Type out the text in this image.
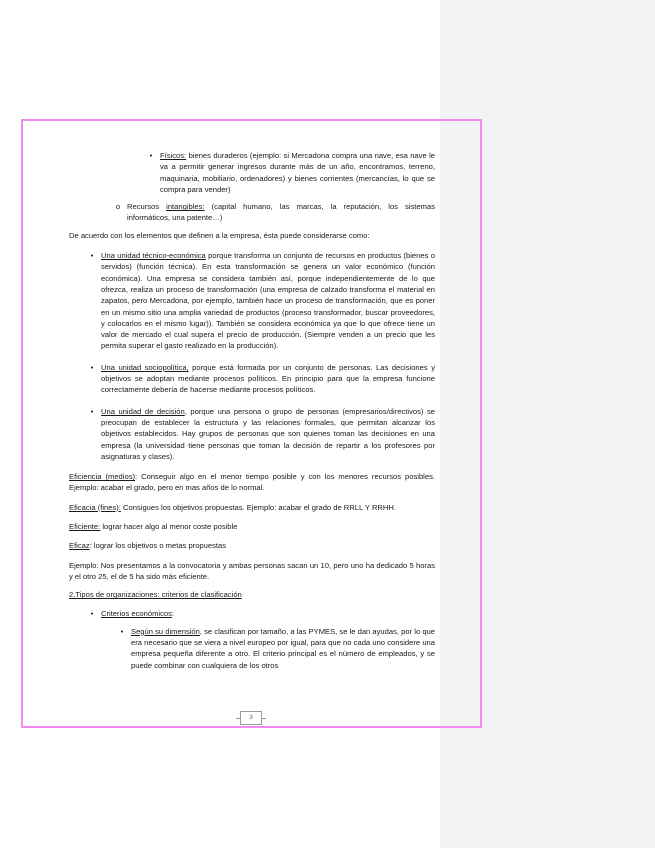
•	Físicos: bienes duraderos (ejemplo: si Mercadona compra una nave, esa nave le va a permitir generar ingresos durante más de un año, encontramos, terreno, maquinaria, mobiliario, ordenadores) y bienes corrientes (mercancías, lo que se compra para vender)

o Recursos intangibles: (capital humano, las marcas, la reputación, los sistemas informáticos, una patente…)

De acuerdo con los elementos que definen a la empresa, ésta puede considerarse como:

•	Una unidad técnico-económica porque transforma un conjunto de recursos en productos (bienes o servidos) (función técnica). En esta transformación se genera un valor económico (función económica). Una empresa se considera también así, porque independientemente de lo que ofrezca, realiza un proceso de transformación (una empresa de calzado transforma el material en zapatos, pero Mercadona, por ejemplo, también hace un proceso de transformación, que es poner en un mismo sitio una amplia variedad de productos (proceso transformador, buscar proveedores, y colocarlos en el mismo lugar)). También se considera económica ya que lo que ofrece tiene un valor de mercado el cual supera el precio de producción. (Siempre venden a un precio que les permita superar el gasto realizado en la producción).

•	Una unidad sociopolítica, porque está formada por un conjunto de personas. Las decisiones y objetivos se adoptan mediante procesos políticos. En principio para que la empresa funcione correctamente debería de hacerse mediante procesos políticos.

•	Una unidad de decisión, porque una persona o grupo de personas (empresarios/directivos) se preocupan de establecer la estructura y las relaciones formales, que permitan alcanzar los objetivos establecidos. Hay grupos de personas que son quienes toman las decisiones en una empresa (la universidad tiene personas que toman la decisión de repartir a los profesores por asignaturas y clases).

Eficiencia (medios): Conseguir algo en el menor tiempo posible y con los menores recursos posibles. Ejemplo: acabar el grado, pero en mas años de lo normal.

Eficacia (fines): Consigues los objetivos propuestas. Ejemplo: acabar el grado de RRLL Y RRHH.

Eficiente: lograr hacer algo al menor coste posible

Eficaz: lograr los objetivos o metas propuestas

Ejemplo: Nos presentamos a la convocatoria y ambas personas sacan un 10, pero uno ha dedicado 5 horas y el otro 25, el de 5 ha sido más eficiente.

2.Tipos de organizaciones: criterios de clasificación

•	Criterios económicos:

•	Según su dimensión, se clasifican por tamaño, a las PYMES, se le dan ayudas, por lo que era necesario que se viera a nivel europeo por igual, para que no cada uno considere una empresa pequeña diferente a otro. El criterio principal es el número de empleados, y se puede combinar con cualquiera de los otros

3
